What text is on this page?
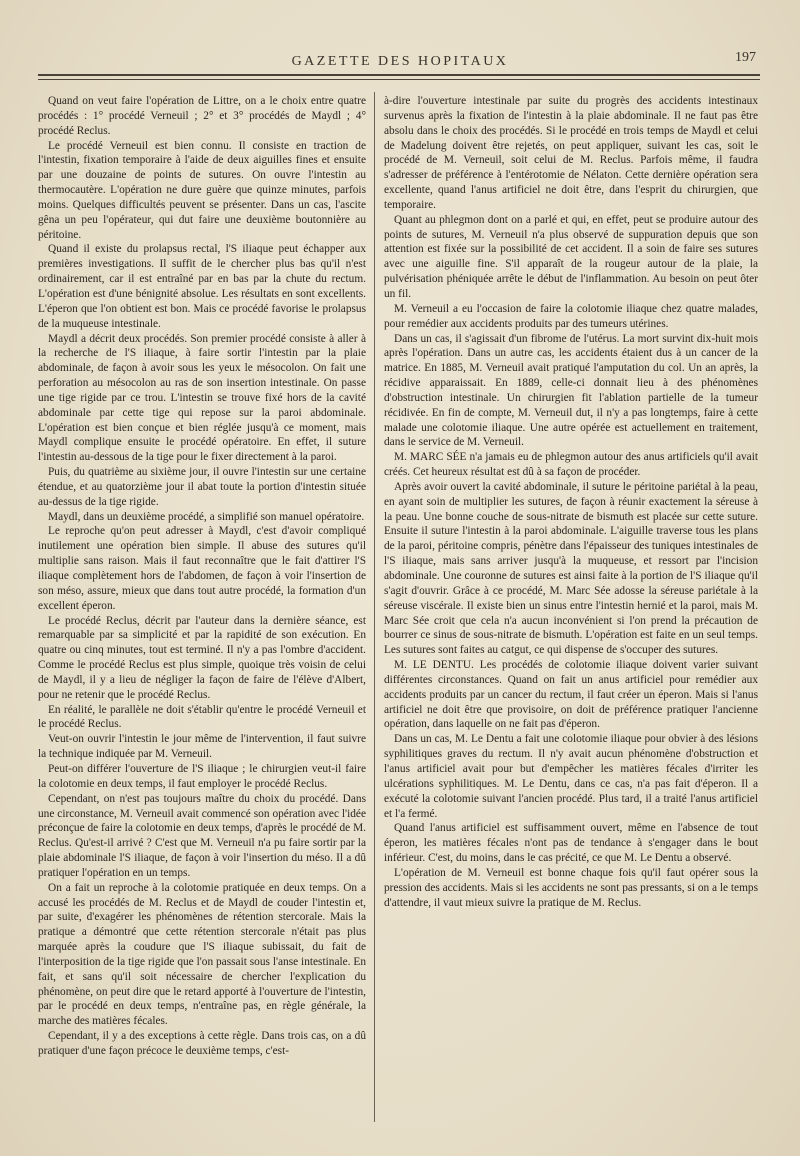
GAZETTE DES HOPITAUX	197

Quand on veut faire l'opération de Littre, on a le choix entre quatre procédés : 1° procédé Verneuil ; 2° et 3° procédés de Maydl ; 4° procédé Reclus.

Le procédé Verneuil est bien connu. Il consiste en traction de l'intestin, fixation temporaire à l'aide de deux aiguilles fines et ensuite par une douzaine de points de sutures. On ouvre l'intestin au thermocautère. L'opération ne dure guère que quinze minutes, parfois moins. Quelques difficultés peuvent se présenter. Dans un cas, l'ascite gêna un peu l'opérateur, qui dut faire une deuxième boutonnière au péritoine.

Quand il existe du prolapsus rectal, l'S iliaque peut échapper aux premières investigations. Il suffit de le chercher plus bas qu'il n'est ordinairement, car il est entraîné par en bas par la chute du rectum. L'opération est d'une bénignité absolue. Les résultats en sont excellents. L'éperon que l'on obtient est bon. Mais ce procédé favorise le prolapsus de la muqueuse intestinale.

Maydl a décrit deux procédés. Son premier procédé consiste à aller à la recherche de l'S iliaque, à faire sortir l'intestin par la plaie abdominale, de façon à avoir sous les yeux le mésocolon. On fait une perforation au mésocolon au ras de son insertion intestinale. On passe une tige rigide par ce trou. L'intestin se trouve fixé hors de la cavité abdominale par cette tige qui repose sur la paroi abdominale. L'opération est bien conçue et bien réglée jusqu'à ce moment, mais Maydl complique ensuite le procédé opératoire. En effet, il suture l'intestin au-dessous de la tige pour le fixer directement à la paroi.

Puis, du quatrième au sixième jour, il ouvre l'intestin sur une certaine étendue, et au quatorzième jour il abat toute la portion d'intestin située au-dessus de la tige rigide.

Maydl, dans un deuxième procédé, a simplifié son manuel opératoire.

Le reproche qu'on peut adresser à Maydl, c'est d'avoir compliqué inutilement une opération bien simple. Il abuse des sutures qu'il multiplie sans raison. Mais il faut reconnaître que le fait d'attirer l'S iliaque complètement hors de l'abdomen, de façon à voir l'insertion de son méso, assure, mieux que dans tout autre procédé, la formation d'un excellent éperon.

Le procédé Reclus, décrit par l'auteur dans la dernière séance, est remarquable par sa simplicité et par la rapidité de son exécution. En quatre ou cinq minutes, tout est terminé. Il n'y a pas l'ombre d'accident. Comme le procédé Reclus est plus simple, quoique très voisin de celui de Maydl, il y a lieu de négliger la façon de faire de l'élève d'Albert, pour ne retenir que le procédé Reclus.

En réalité, le parallèle ne doit s'établir qu'entre le procédé Verneuil et le procédé Reclus.

Veut-on ouvrir l'intestin le jour même de l'intervention, il faut suivre la technique indiquée par M. Verneuil.

Peut-on différer l'ouverture de l'S iliaque ; le chirurgien veut-il faire la colotomie en deux temps, il faut employer le procédé Reclus.

Cependant, on n'est pas toujours maître du choix du procédé. Dans une circonstance, M. Verneuil avait commencé son opération avec l'idée préconçue de faire la colotomie en deux temps, d'après le procédé de M. Reclus. Qu'est-il arrivé ? C'est que M. Verneuil n'a pu faire sortir par la plaie abdominale l'S iliaque, de façon à voir l'insertion du méso. Il a dû pratiquer l'opération en un temps.

On a fait un reproche à la colotomie pratiquée en deux temps. On a accusé les procédés de M. Reclus et de Maydl de couder l'intestin et, par suite, d'exagérer les phénomènes de rétention stercorale. Mais la pratique a démontré que cette rétention stercorale n'était pas plus marquée après la coudure que l'S iliaque subissait, du fait de l'interposition de la tige rigide que l'on passait sous l'anse intestinale. En fait, et sans qu'il soit nécessaire de chercher l'explication du phénomène, on peut dire que le retard apporté à l'ouverture de l'intestin, par le procédé en deux temps, n'entraîne pas, en règle générale, la marche des matières fécales.

Cependant, il y a des exceptions à cette règle. Dans trois cas, on a dû pratiquer d'une façon précoce le deuxième temps, c'est-

à-dire l'ouverture intestinale par suite du progrès des accidents intestinaux survenus après la fixation de l'intestin à la plaie abdominale. Il ne faut pas être absolu dans le choix des procédés. Si le procédé en trois temps de Maydl et celui de Madelung doivent être rejetés, on peut appliquer, suivant les cas, soit le procédé de M. Verneuil, soit celui de M. Reclus. Parfois même, il faudra s'adresser de préférence à l'entérotomie de Nélaton. Cette dernière opération sera excellente, quand l'anus artificiel ne doit être, dans l'esprit du chirurgien, que temporaire.

Quant au phlegmon dont on a parlé et qui, en effet, peut se produire autour des points de sutures, M. Verneuil n'a plus observé de suppuration depuis que son attention est fixée sur la possibilité de cet accident. Il a soin de faire ses sutures avec une aiguille fine. S'il apparaît de la rougeur autour de la plaie, la pulvérisation phéniquée arrête le début de l'inflammation. Au besoin on peut ôter un fil.

M. Verneuil a eu l'occasion de faire la colotomie iliaque chez quatre malades, pour remédier aux accidents produits par des tumeurs utérines.

Dans un cas, il s'agissait d'un fibrome de l'utérus. La mort survint dix-huit mois après l'opération. Dans un autre cas, les accidents étaient dus à un cancer de la matrice. En 1885, M. Verneuil avait pratiqué l'amputation du col. Un an après, la récidive apparaissait. En 1889, celle-ci donnait lieu à des phénomènes d'obstruction intestinale. Un chirurgien fit l'ablation partielle de la tumeur récidivée. En fin de compte, M. Verneuil dut, il n'y a pas longtemps, faire à cette malade une colotomie iliaque. Une autre opérée est actuellement en traitement, dans le service de M. Verneuil.

M. MARC SÉE n'a jamais eu de phlegmon autour des anus artificiels qu'il avait créés. Cet heureux résultat est dû à sa façon de procéder.

Après avoir ouvert la cavité abdominale, il suture le péritoine pariétal à la peau, en ayant soin de multiplier les sutures, de façon à réunir exactement la séreuse à la peau. Une bonne couche de sous-nitrate de bismuth est placée sur cette suture. Ensuite il suture l'intestin à la paroi abdominale. L'aiguille traverse tous les plans de la paroi, péritoine compris, pénètre dans l'épaisseur des tuniques intestinales de l'S iliaque, mais sans arriver jusqu'à la muqueuse, et ressort par l'incision abdominale. Une couronne de sutures est ainsi faite à la portion de l'S iliaque qu'il s'agit d'ouvrir. Grâce à ce procédé, M. Marc Sée adosse la séreuse pariétale à la séreuse viscérale. Il existe bien un sinus entre l'intestin hernié et la paroi, mais M. Marc Sée croit que cela n'a aucun inconvénient si l'on prend la précaution de bourrer ce sinus de sous-nitrate de bismuth. L'opération est faite en un seul temps. Les sutures sont faites au catgut, ce qui dispense de s'occuper des sutures.

M. LE DENTU. Les procédés de colotomie iliaque doivent varier suivant différentes circonstances. Quand on fait un anus artificiel pour remédier aux accidents produits par un cancer du rectum, il faut créer un éperon. Mais si l'anus artificiel ne doit être que provisoire, on doit de préférence pratiquer l'ancienne opération, dans laquelle on ne fait pas d'éperon.

Dans un cas, M. Le Dentu a fait une colotomie iliaque pour obvier à des lésions syphilitiques graves du rectum. Il n'y avait aucun phénomène d'obstruction et l'anus artificiel avait pour but d'empêcher les matières fécales d'irriter les ulcérations syphilitiques. M. Le Dentu, dans ce cas, n'a pas fait d'éperon. Il a exécuté la colotomie suivant l'ancien procédé. Plus tard, il a traité l'anus artificiel et l'a fermé.

Quand l'anus artificiel est suffisamment ouvert, même en l'absence de tout éperon, les matières fécales n'ont pas de tendance à s'engager dans le bout inférieur. C'est, du moins, dans le cas précité, ce que M. Le Dentu a observé.

L'opération de M. Verneuil est bonne chaque fois qu'il faut opérer sous la pression des accidents. Mais si les accidents ne sont pas pressants, si on a le temps d'attendre, il vaut mieux suivre la pratique de M. Reclus.
